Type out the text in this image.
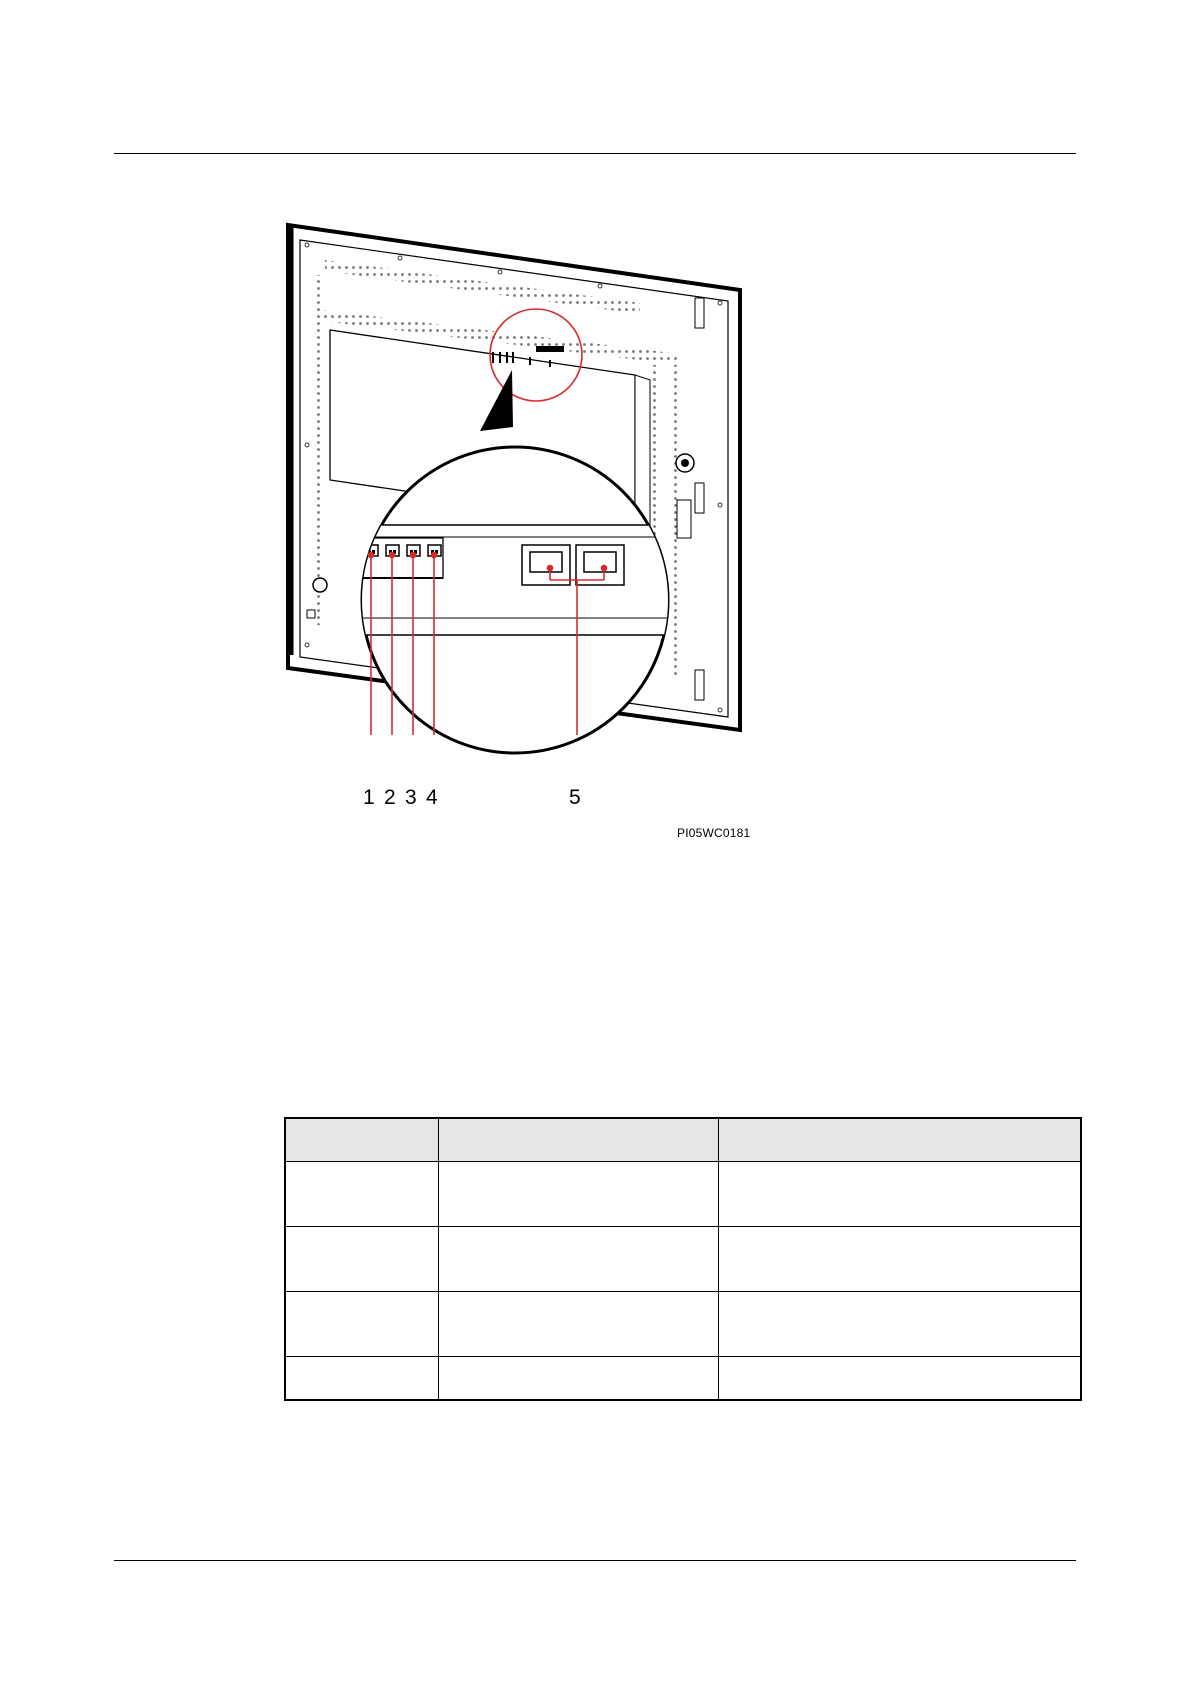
1 2 3 4	5
PI05WC0181
